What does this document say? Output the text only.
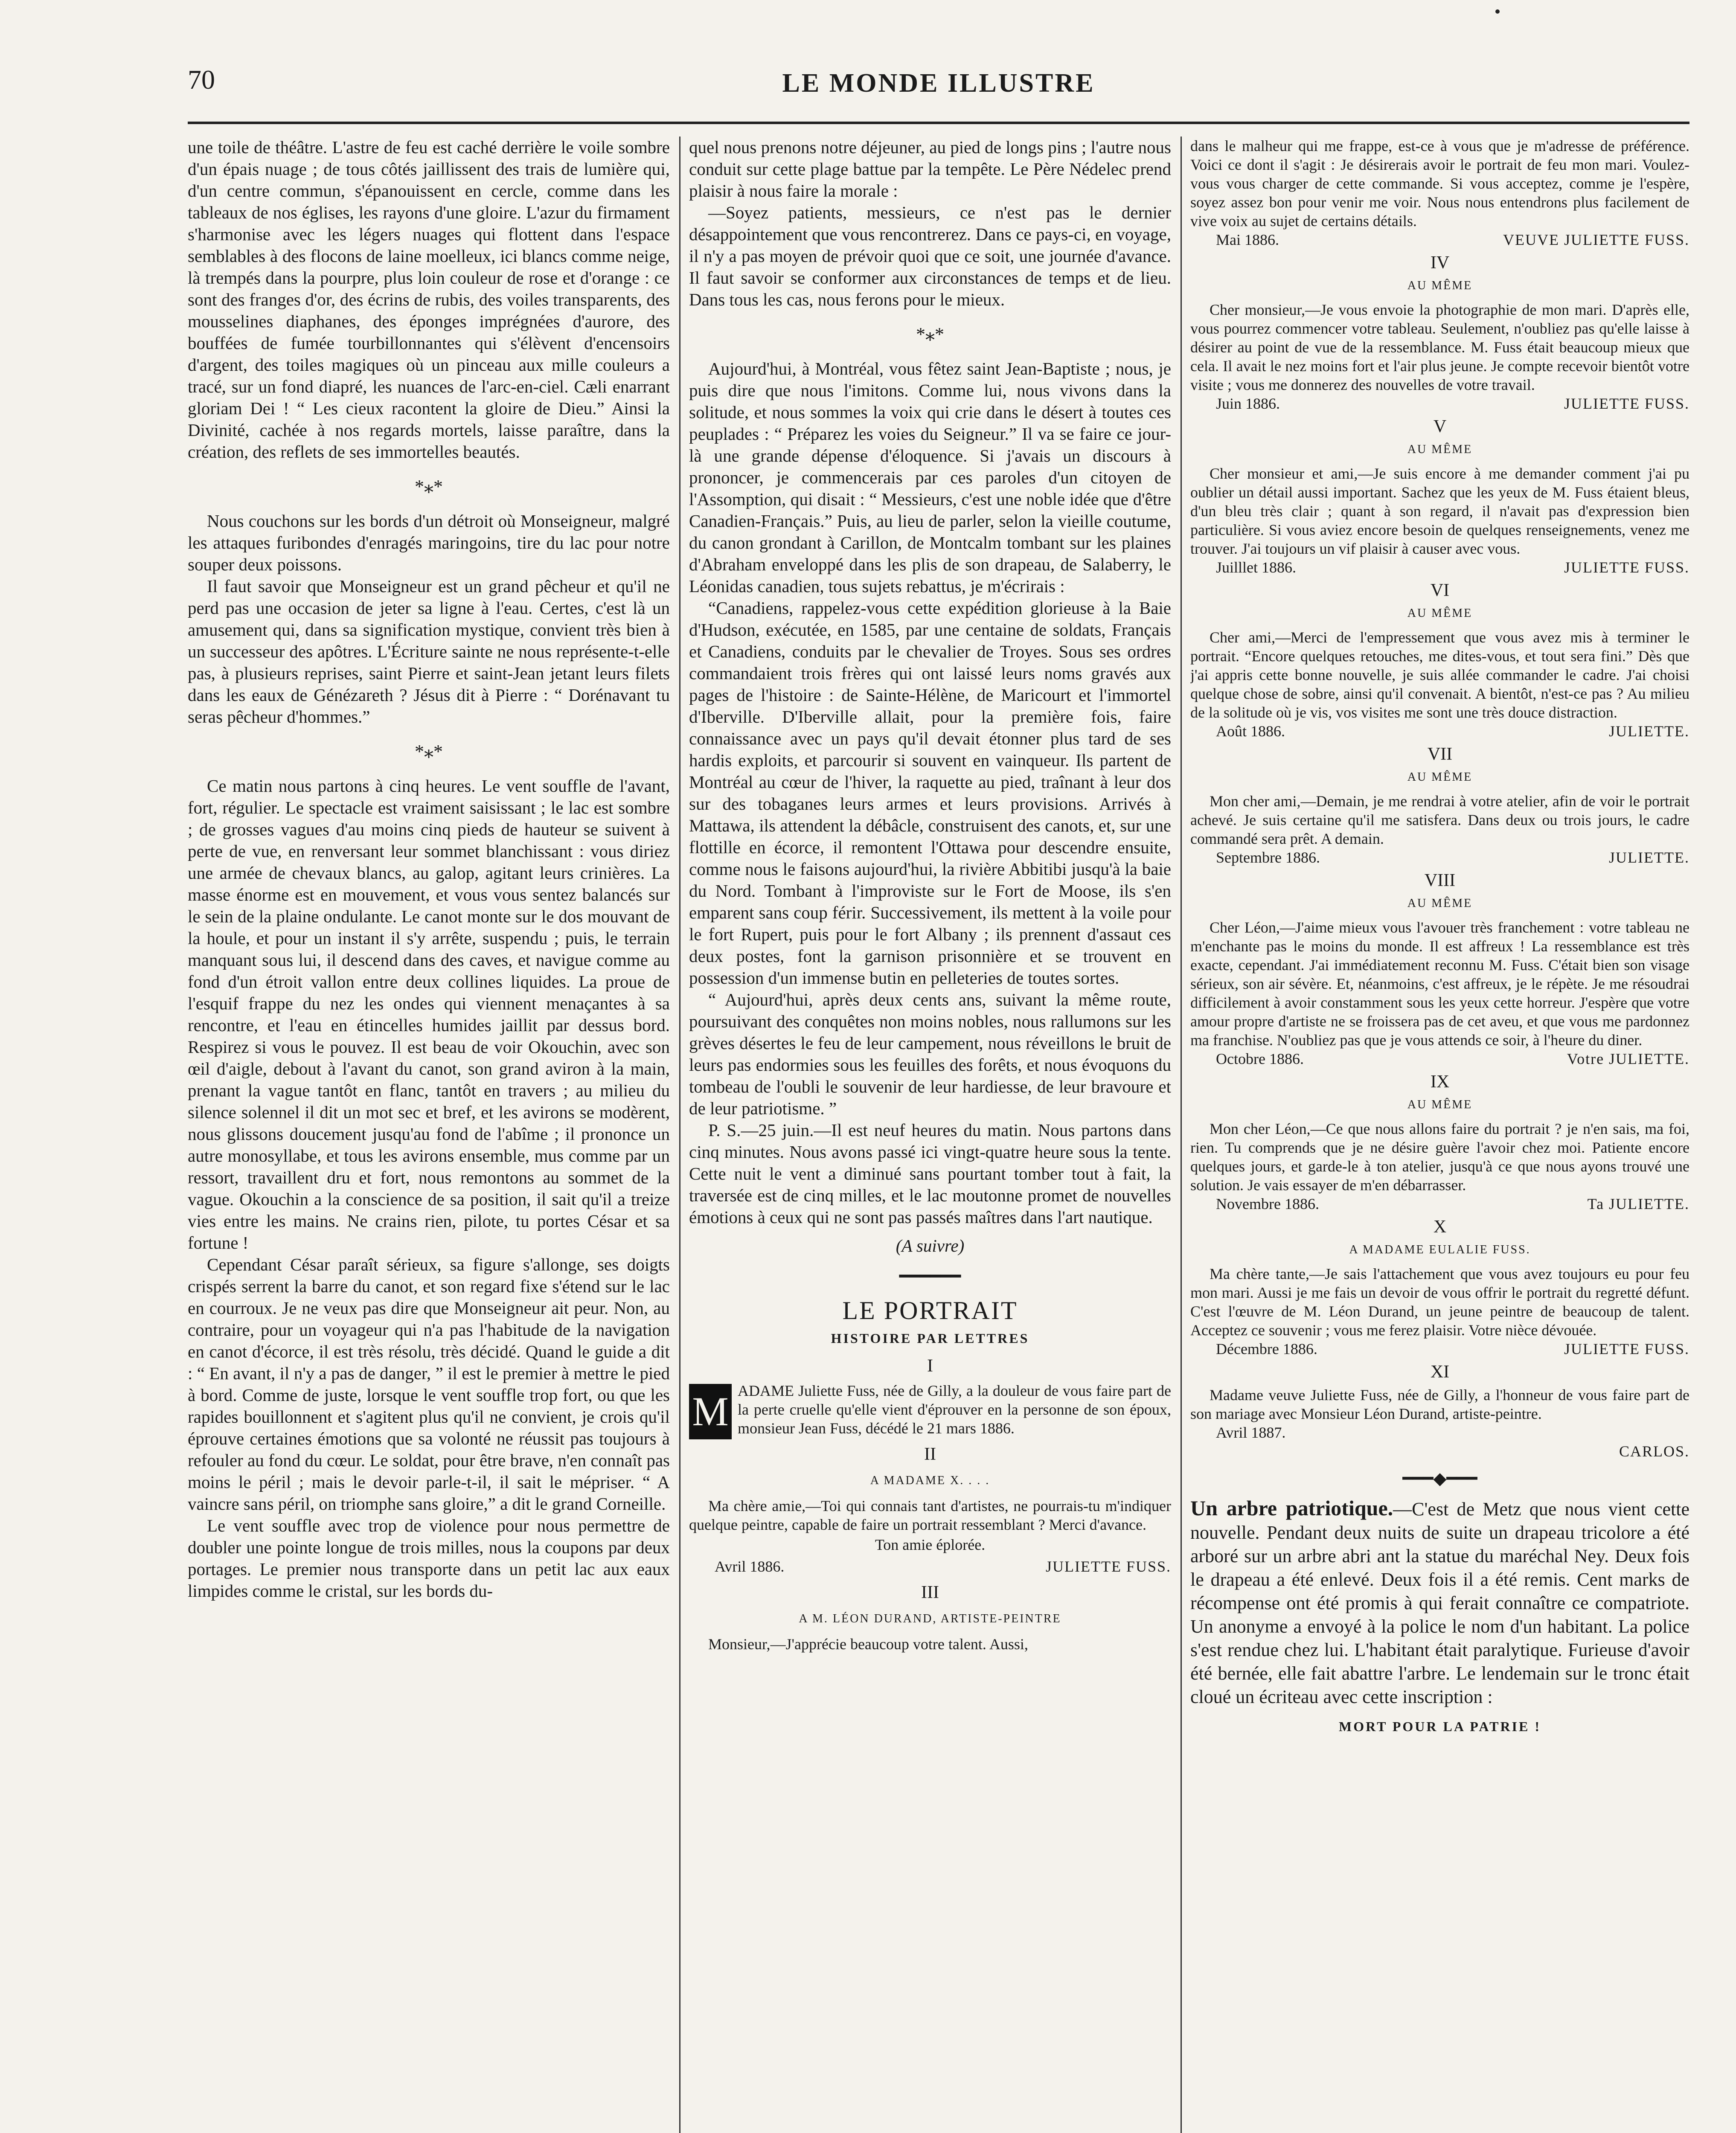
70	LE MONDE ILLUSTRE

une toile de théâtre. L'astre de feu est caché derrière le voile sombre d'un épais nuage ; de tous côtés jaillissent des trais de lumière qui, d'un centre commun, s'épanouissent en cercle, comme dans les tableaux de nos églises, les rayons d'une gloire. L'azur du firmament s'harmonise avec les légers nuages qui flottent dans l'espace semblables à des flocons de laine moelleux, ici blancs comme neige, là trempés dans la pourpre, plus loin couleur de rose et d'orange : ce sont des franges d'or, des écrins de rubis, des voiles transparents, des mousselines diaphanes, des éponges imprégnées d'aurore, des bouffées de fumée tourbillonnantes qui s'élèvent d'encensoirs d'argent, des toiles magiques où un pinceau aux mille couleurs a tracé, sur un fond diapré, les nuances de l'arc-en-ciel. Cæli enarrant gloriam Dei ! “ Les cieux racontent la gloire de Dieu.” Ainsi la Divinité, cachée à nos regards mortels, laisse paraître, dans la création, des reflets de ses immortelles beautés.

*⁎*

Nous couchons sur les bords d'un détroit où Monseigneur, malgré les attaques furibondes d'enragés maringoins, tire du lac pour notre souper deux poissons.

Il faut savoir que Monseigneur est un grand pêcheur et qu'il ne perd pas une occasion de jeter sa ligne à l'eau. Certes, c'est là un amusement qui, dans sa signification mystique, convient très bien à un successeur des apôtres. L'Écriture sainte ne nous représente-t-elle pas, à plusieurs reprises, saint Pierre et saint-Jean jetant leurs filets dans les eaux de Génézareth ? Jésus dit à Pierre : “ Dorénavant tu seras pêcheur d'hommes.”

*⁎*

Ce matin nous partons à cinq heures. Le vent souffle de l'avant, fort, régulier. Le spectacle est vraiment saisissant ; le lac est sombre ; de grosses vagues d'au moins cinq pieds de hauteur se suivent à perte de vue, en renversant leur sommet blanchissant : vous diriez une armée de chevaux blancs, au galop, agitant leurs crinières. La masse énorme est en mouvement, et vous vous sentez balancés sur le sein de la plaine ondulante. Le canot monte sur le dos mouvant de la houle, et pour un instant il s'y arrête, suspendu ; puis, le terrain manquant sous lui, il descend dans des caves, et navigue comme au fond d'un étroit vallon entre deux collines liquides. La proue de l'esquif frappe du nez les ondes qui viennent menaçantes à sa rencontre, et l'eau en étincelles humides jaillit par dessus bord. Respirez si vous le pouvez. Il est beau de voir Okouchin, avec son œil d'aigle, debout à l'avant du canot, son grand aviron à la main, prenant la vague tantôt en flanc, tantôt en travers ; au milieu du silence solennel il dit un mot sec et bref, et les avirons se modèrent, nous glissons doucement jusqu'au fond de l'abîme ; il prononce un autre monosyllabe, et tous les avirons ensemble, mus comme par un ressort, travaillent dru et fort, nous remontons au sommet de la vague. Okouchin a la conscience de sa position, il sait qu'il a treize vies entre les mains. Ne crains rien, pilote, tu portes César et sa fortune !

Cependant César paraît sérieux, sa figure s'allonge, ses doigts crispés serrent la barre du canot, et son regard fixe s'étend sur le lac en courroux. Je ne veux pas dire que Monseigneur ait peur. Non, au contraire, pour un voyageur qui n'a pas l'habitude de la navigation en canot d'écorce, il est très résolu, très décidé. Quand le guide a dit : “ En avant, il n'y a pas de danger, ” il est le premier à mettre le pied à bord. Comme de juste, lorsque le vent souffle trop fort, ou que les rapides bouillonnent et s'agitent plus qu'il ne convient, je crois qu'il éprouve certaines émotions que sa volonté ne réussit pas toujours à refouler au fond du cœur. Le soldat, pour être brave, n'en connaît pas moins le péril ; mais le devoir parle-t-il, il sait le mépriser. “ A vaincre sans péril, on triomphe sans gloire,” a dit le grand Corneille.

Le vent souffle avec trop de violence pour nous permettre de doubler une pointe longue de trois milles, nous la coupons par deux portages. Le premier nous transporte dans un petit lac aux eaux limpides comme le cristal, sur les bords du-

quel nous prenons notre déjeuner, au pied de longs pins ; l'autre nous conduit sur cette plage battue par la tempête. Le Père Nédelec prend plaisir à nous faire la morale :

—Soyez patients, messieurs, ce n'est pas le dernier désappointement que vous rencontrerez. Dans ce pays-ci, en voyage, il n'y a pas moyen de prévoir quoi que ce soit, une journée d'avance. Il faut savoir se conformer aux circonstances de temps et de lieu. Dans tous les cas, nous ferons pour le mieux.

*⁎*

Aujourd'hui, à Montréal, vous fêtez saint Jean-Baptiste ; nous, je puis dire que nous l'imitons. Comme lui, nous vivons dans la solitude, et nous sommes la voix qui crie dans le désert à toutes ces peuplades : “ Préparez les voies du Seigneur.” Il va se faire ce jour-là une grande dépense d'éloquence. Si j'avais un discours à prononcer, je commencerais par ces paroles d'un citoyen de l'Assomption, qui disait : “ Messieurs, c'est une noble idée que d'être Canadien-Français.” Puis, au lieu de parler, selon la vieille coutume, du canon grondant à Carillon, de Montcalm tombant sur les plaines d'Abraham enveloppé dans les plis de son drapeau, de Salaberry, le Léonidas canadien, tous sujets rebattus, je m'écrirais :

“Canadiens, rappelez-vous cette expédition glorieuse à la Baie d'Hudson, exécutée, en 1585, par une centaine de soldats, Français et Canadiens, conduits par le chevalier de Troyes. Sous ses ordres commandaient trois frères qui ont laissé leurs noms gravés aux pages de l'histoire : de Sainte-Hélène, de Maricourt et l'immortel d'Iberville. D'Iberville allait, pour la première fois, faire connaissance avec un pays qu'il devait étonner plus tard de ses hardis exploits, et parcourir si souvent en vainqueur. Ils partent de Montréal au cœur de l'hiver, la raquette au pied, traînant à leur dos sur des tobaganes leurs armes et leurs provisions. Arrivés à Mattawa, ils attendent la débâcle, construisent des canots, et, sur une flottille en écorce, il remontent l'Ottawa pour descendre ensuite, comme nous le faisons aujourd'hui, la rivière Abbitibi jusqu'à la baie du Nord. Tombant à l'improviste sur le Fort de Moose, ils s'en emparent sans coup férir. Successivement, ils mettent à la voile pour le fort Rupert, puis pour le fort Albany ; ils prennent d'assaut ces deux postes, font la garnison prisonnière et se trouvent en possession d'un immense butin en pelleteries de toutes sortes.

“ Aujourd'hui, après deux cents ans, suivant la même route, poursuivant des conquêtes non moins nobles, nous rallumons sur les grèves désertes le feu de leur campement, nous réveillons le bruit de leurs pas endormies sous les feuilles des forêts, et nous évoquons du tombeau de l'oubli le souvenir de leur hardiesse, de leur bravoure et de leur patriotisme. ”

P. S.—25 juin.—Il est neuf heures du matin. Nous partons dans cinq minutes. Nous avons passé ici vingt-quatre heure sous la tente. Cette nuit le vent a diminué sans pourtant tomber tout à fait, la traversée est de cinq milles, et le lac moutonne promet de nouvelles émotions à ceux qui ne sont pas passés maîtres dans l'art nautique.

(A suivre)
━━━━━━
LE PORTRAIT
HISTOIRE PAR LETTRES
I
M ADAME Juliette Fuss, née de Gilly, a la douleur de vous faire part de la perte cruelle qu'elle vient d'éprouver en la personne de son époux, monsieur Jean Fuss, décédé le 21 mars 1886.
II
A MADAME X. . . .

Ma chère amie,—Toi qui connais tant d'artistes, ne pourrais-tu m'indiquer quelque peintre, capable de faire un portrait ressemblant ? Merci d'avance.

Ton amie éplorée.
Avril 1886.	JULIETTE FUSS.
III
A M. LÉON DURAND, ARTISTE-PEINTRE

Monsieur,—J'apprécie beaucoup votre talent. Aussi,

dans le malheur qui me frappe, est-ce à vous que je m'adresse de préférence. Voici ce dont il s'agit : Je désirerais avoir le portrait de feu mon mari. Voulez-vous vous charger de cette commande. Si vous acceptez, comme je l'espère, soyez assez bon pour venir me voir. Nous nous entendrons plus facilement de vive voix au sujet de certains détails.

Mai 1886.	VEUVE JULIETTE FUSS.
IV
AU MÊME

Cher monsieur,—Je vous envoie la photographie de mon mari. D'après elle, vous pourrez commencer votre tableau. Seulement, n'oubliez pas qu'elle laisse à désirer au point de vue de la ressemblance. M. Fuss était beaucoup mieux que cela. Il avait le nez moins fort et l'air plus jeune. Je compte recevoir bientôt votre visite ; vous me donnerez des nouvelles de votre travail.

Juin 1886.	JULIETTE FUSS.
V
AU MÊME

Cher monsieur et ami,—Je suis encore à me demander comment j'ai pu oublier un détail aussi important. Sachez que les yeux de M. Fuss étaient bleus, d'un bleu très clair ; quant à son regard, il n'avait pas d'expression bien particulière. Si vous aviez encore besoin de quelques renseignements, venez me trouver. J'ai toujours un vif plaisir à causer avec vous.

Juilllet 1886.	JULIETTE FUSS.
VI
AU MÊME

Cher ami,—Merci de l'empressement que vous avez mis à terminer le portrait. “Encore quelques retouches, me dites-vous, et tout sera fini.” Dès que j'ai appris cette bonne nouvelle, je suis allée commander le cadre. J'ai choisi quelque chose de sobre, ainsi qu'il convenait. A bientôt, n'est-ce pas ? Au milieu de la solitude où je vis, vos visites me sont une très douce distraction.

Août 1886.	JULIETTE.
VII
AU MÊME

Mon cher ami,—Demain, je me rendrai à votre atelier, afin de voir le portrait achevé. Je suis certaine qu'il me satisfera. Dans deux ou trois jours, le cadre commandé sera prêt. A demain.

Septembre 1886.	JULIETTE.
VIII
AU MÊME

Cher Léon,—J'aime mieux vous l'avouer très franchement : votre tableau ne m'enchante pas le moins du monde. Il est affreux ! La ressemblance est très exacte, cependant. J'ai immédiatement reconnu M. Fuss. C'était bien son visage sérieux, son air sévère. Et, néanmoins, c'est affreux, je le répète. Je me résoudrai difficilement à avoir constamment sous les yeux cette horreur. J'espère que votre amour propre d'artiste ne se froissera pas de cet aveu, et que vous me pardonnez ma franchise. N'oubliez pas que je vous attends ce soir, à l'heure du diner.

Octobre 1886.	Votre JULIETTE.
IX
AU MÊME

Mon cher Léon,—Ce que nous allons faire du portrait ? je n'en sais, ma foi, rien. Tu comprends que je ne désire guère l'avoir chez moi. Patiente encore quelques jours, et garde-le à ton atelier, jusqu'à ce que nous ayons trouvé une solution. Je vais essayer de m'en débarrasser.

Novembre 1886.	Ta JULIETTE.
X
A MADAME EULALIE FUSS.

Ma chère tante,—Je sais l'attachement que vous avez toujours eu pour feu mon mari. Aussi je me fais un devoir de vous offrir le portrait du regretté défunt. C'est l'œuvre de M. Léon Durand, un jeune peintre de beaucoup de talent. Acceptez ce souvenir ; vous me ferez plaisir. Votre nièce dévouée.

Décembre 1886.	JULIETTE FUSS.
XI

Madame veuve Juliette Fuss, née de Gilly, a l'honneur de vous faire part de son mariage avec Monsieur Léon Durand, artiste-peintre.

Avril 1887.
CARLOS.
━━━◆━━━

Un arbre patriotique.—C'est de Metz que nous vient cette nouvelle. Pendant deux nuits de suite un drapeau tricolore a été arboré sur un arbre abri ant la statue du maréchal Ney. Deux fois le drapeau a été enlevé. Deux fois il a été remis. Cent marks de récompense ont été promis à qui ferait connaître ce compatriote. Un anonyme a envoyé à la police le nom d'un habitant. La police s'est rendue chez lui. L'habitant était paralytique. Furieuse d'avoir été bernée, elle fait abattre l'arbre. Le lendemain sur le tronc était cloué un écriteau avec cette inscription :

MORT POUR LA PATRIE !
